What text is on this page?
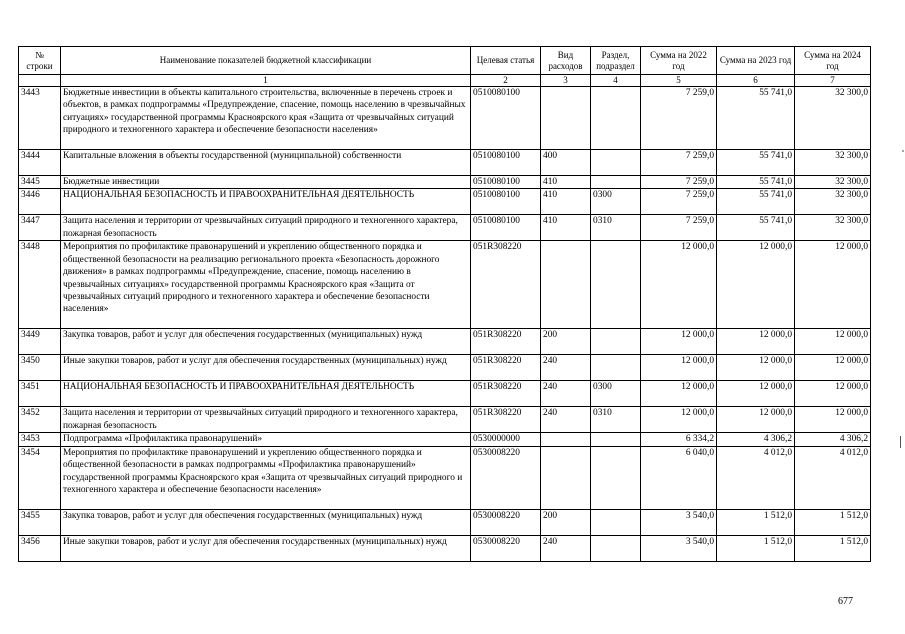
№ строки	Наименование показателей бюджетной классификации	Целевая статья	Вид расходов	Раздел, подраздел	Сумма на 2022 год	Сумма на 2023 год	Сумма на 2024 год
	1	2	3	4	5	6	7
3443	Бюджетные инвестиции в объекты капитального строительства, включенные в перечень строек и объектов, в рамках подпрограммы «Предупреждение, спасение, помощь населению в чрезвычайных ситуациях» государственной программы Красноярского края «Защита от чрезвычайных ситуаций природного и техногенного характера и обеспечение безопасности населения»	0510080100			7 259,0	55 741,0	32 300,0
3444	Капитальные вложения в объекты государственной (муниципальной) собственности	0510080100	400		7 259,0	55 741,0	32 300,0
3445	Бюджетные инвестиции	0510080100	410		7 259,0	55 741,0	32 300,0
3446	НАЦИОНАЛЬНАЯ БЕЗОПАСНОСТЬ И ПРАВООХРАНИТЕЛЬНАЯ ДЕЯТЕЛЬНОСТЬ	0510080100	410	0300	7 259,0	55 741,0	32 300,0
3447	Защита населения и территории от чрезвычайных ситуаций природного и техногенного характера, пожарная безопасность	0510080100	410	0310	7 259,0	55 741,0	32 300,0
3448	Мероприятия по профилактике правонарушений и укреплению общественного порядка и общественной безопасности на реализацию регионального проекта «Безопасность дорожного движения» в рамках подпрограммы «Предупреждение, спасение, помощь населению в чрезвычайных ситуациях» государственной программы Красноярского края «Защита от чрезвычайных ситуаций природного и техногенного характера и обеспечение безопасности населения»	051R308220			12 000,0	12 000,0	12 000,0
3449	Закупка товаров, работ и услуг для обеспечения государственных (муниципальных) нужд	051R308220	200		12 000,0	12 000,0	12 000,0
3450	Иные закупки товаров, работ и услуг для обеспечения государственных (муниципальных) нужд	051R308220	240		12 000,0	12 000,0	12 000,0
3451	НАЦИОНАЛЬНАЯ БЕЗОПАСНОСТЬ И ПРАВООХРАНИТЕЛЬНАЯ ДЕЯТЕЛЬНОСТЬ	051R308220	240	0300	12 000,0	12 000,0	12 000,0
3452	Защита населения и территории от чрезвычайных ситуаций природного и техногенного характера, пожарная безопасность	051R308220	240	0310	12 000,0	12 000,0	12 000,0
3453	Подпрограмма «Профилактика правонарушений»	0530000000			6 334,2	4 306,2	4 306,2
3454	Мероприятия по профилактике правонарушений и укреплению общественного порядка и общественной безопасности в рамках подпрограммы «Профилактика правонарушений» государственной программы Красноярского края «Защита от чрезвычайных ситуаций природного и техногенного характера и обеспечение безопасности населения»	0530008220			6 040,0	4 012,0	4 012,0
3455	Закупка товаров, работ и услуг для обеспечения государственных (муниципальных) нужд	0530008220	200		3 540,0	1 512,0	1 512,0
3456	Иные закупки товаров, работ и услуг для обеспечения государственных (муниципальных) нужд	0530008220	240		3 540,0	1 512,0	1 512,0
677
